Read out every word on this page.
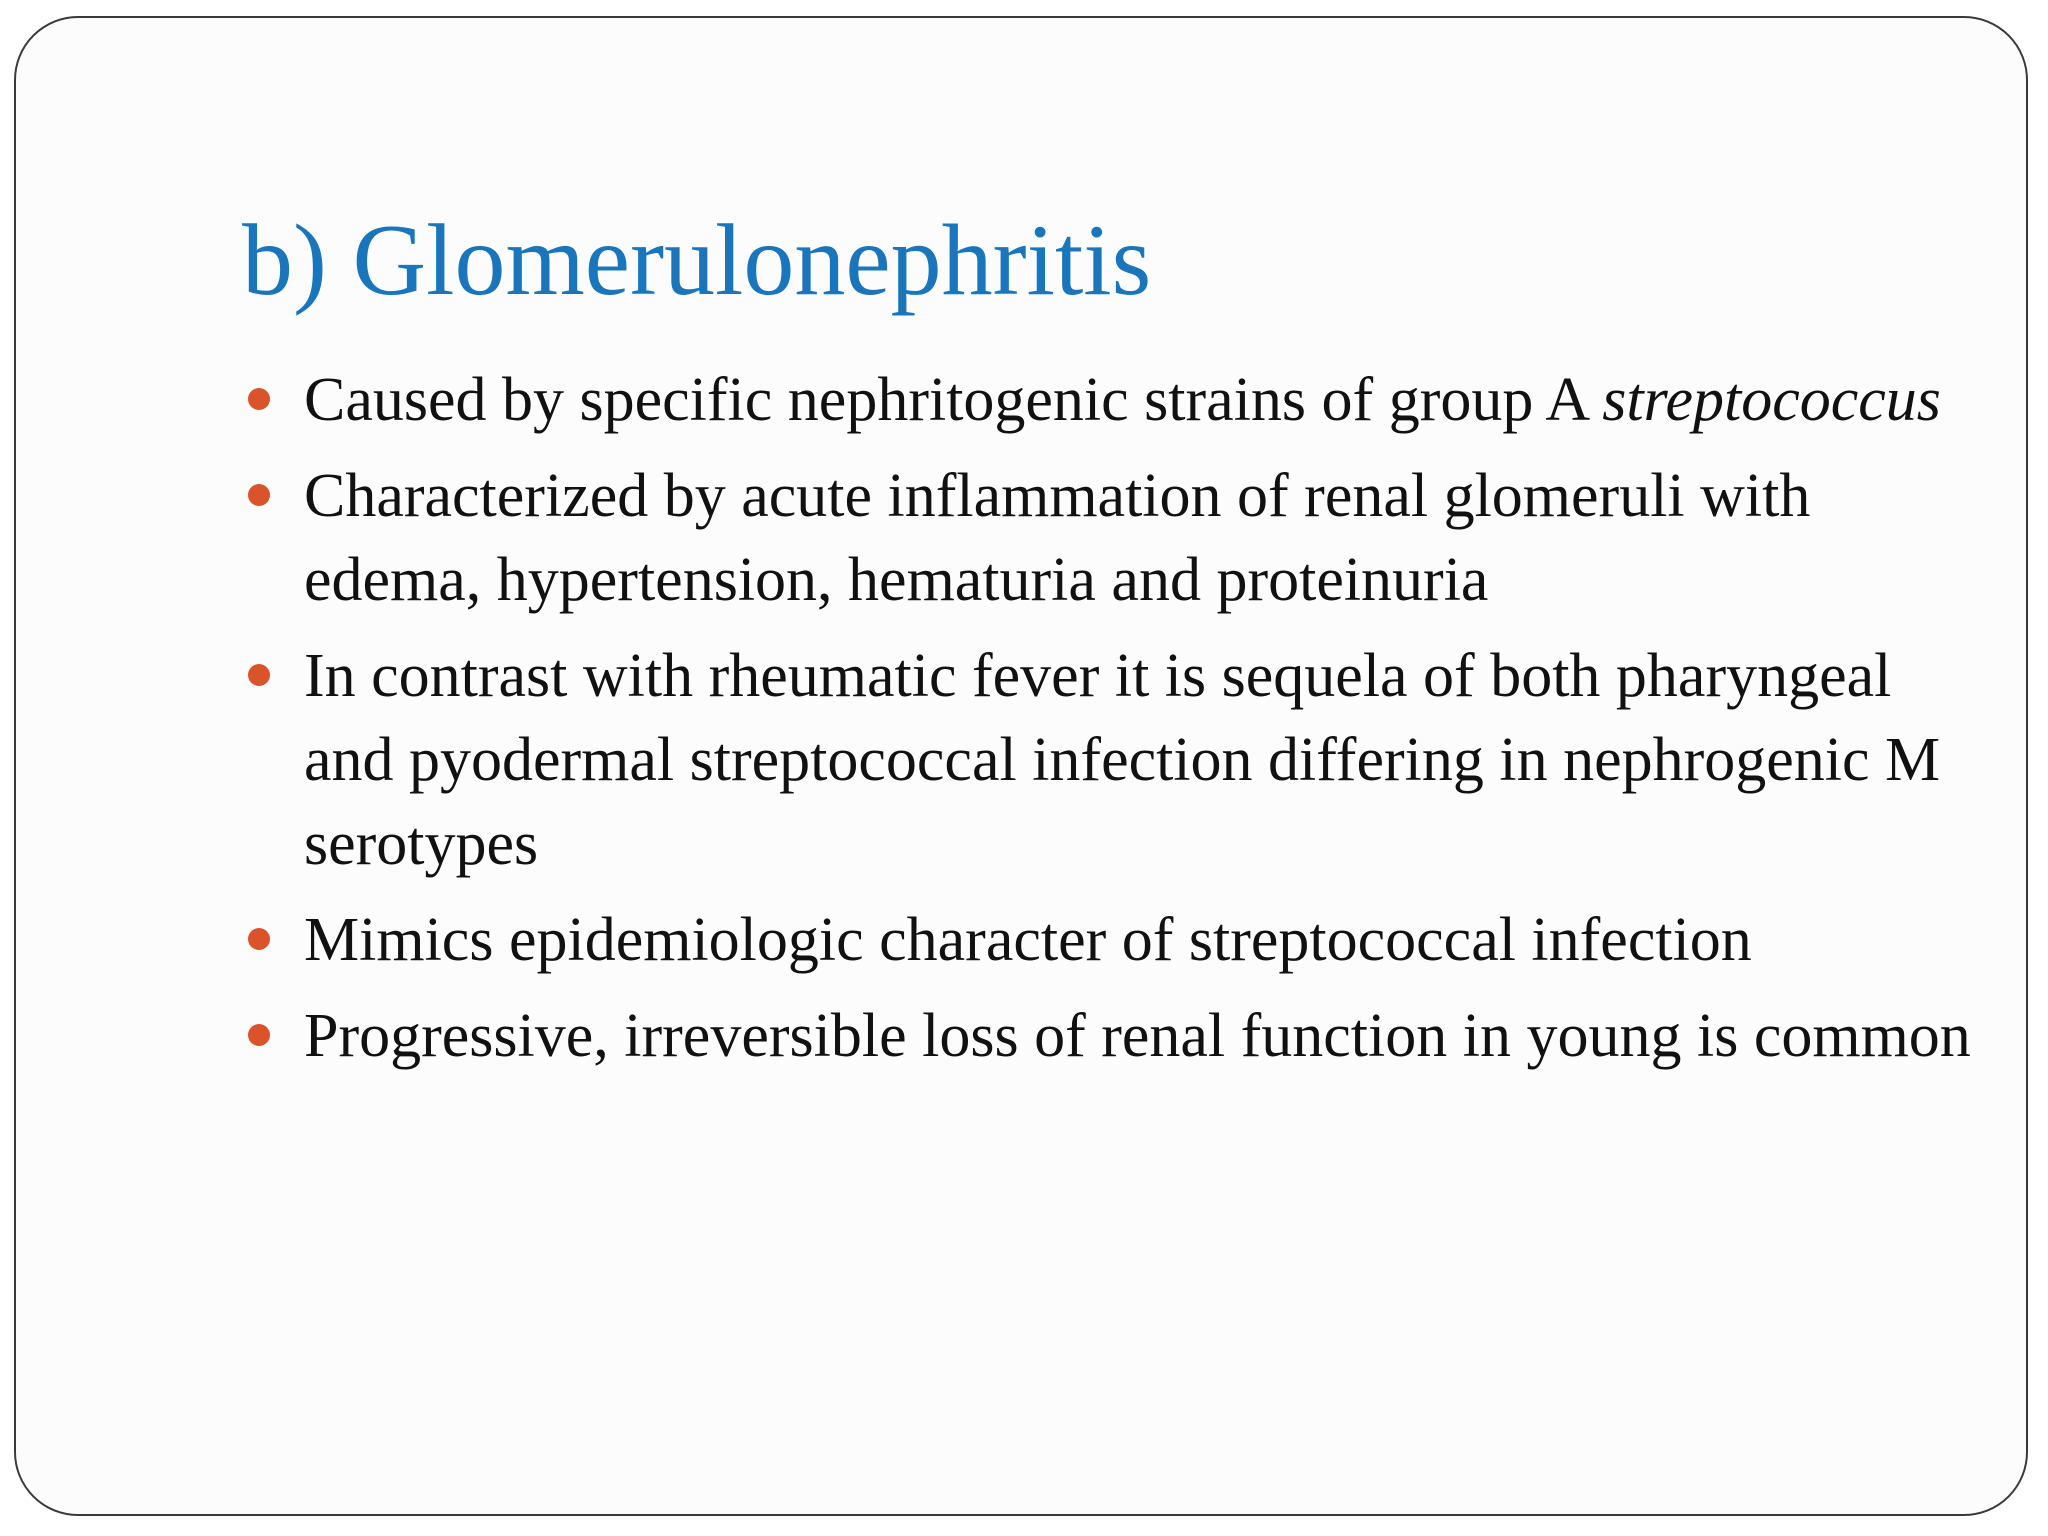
b) Glomerulonephritis
Caused by specific nephritogenic strains of group A streptococcus
Characterized by acute inflammation of renal glomeruli with edema, hypertension, hematuria and proteinuria
In contrast with rheumatic fever it is sequela of both pharyngeal and pyodermal streptococcal infection differing in nephrogenic M serotypes
Mimics epidemiologic character of streptococcal infection
Progressive, irreversible loss of renal function in young is common
